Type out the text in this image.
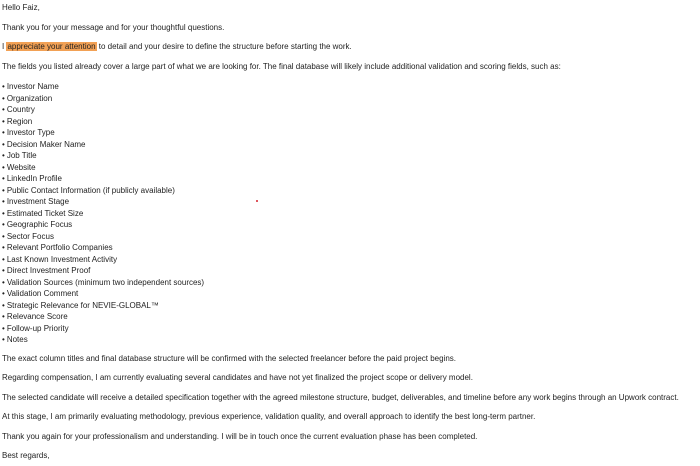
Hello Faiz,

Thank you for your message and for your thoughtful questions.

I appreciate your attention to detail and your desire to define the structure before starting the work.

The fields you listed already cover a large part of what we are looking for. The final database will likely include additional validation and scoring fields, such as:

• Investor Name
• Organization
• Country
• Region
• Investor Type
• Decision Maker Name
• Job Title
• Website
• LinkedIn Profile
• Public Contact Information (if publicly available)
• Investment Stage
• Estimated Ticket Size
• Geographic Focus
• Sector Focus
• Relevant Portfolio Companies
• Last Known Investment Activity
• Direct Investment Proof
• Validation Sources (minimum two independent sources)
• Validation Comment
• Strategic Relevance for NEVIE-GLOBAL™
• Relevance Score
• Follow-up Priority
• Notes

The exact column titles and final database structure will be confirmed with the selected freelancer before the paid project begins.

Regarding compensation, I am currently evaluating several candidates and have not yet finalized the project scope or delivery model.

The selected candidate will receive a detailed specification together with the agreed milestone structure, budget, deliverables, and timeline before any work begins through an Upwork contract.

At this stage, I am primarily evaluating methodology, previous experience, validation quality, and overall approach to identify the best long-term partner.

Thank you again for your professionalism and understanding. I will be in touch once the current evaluation phase has been completed.

Best regards,
